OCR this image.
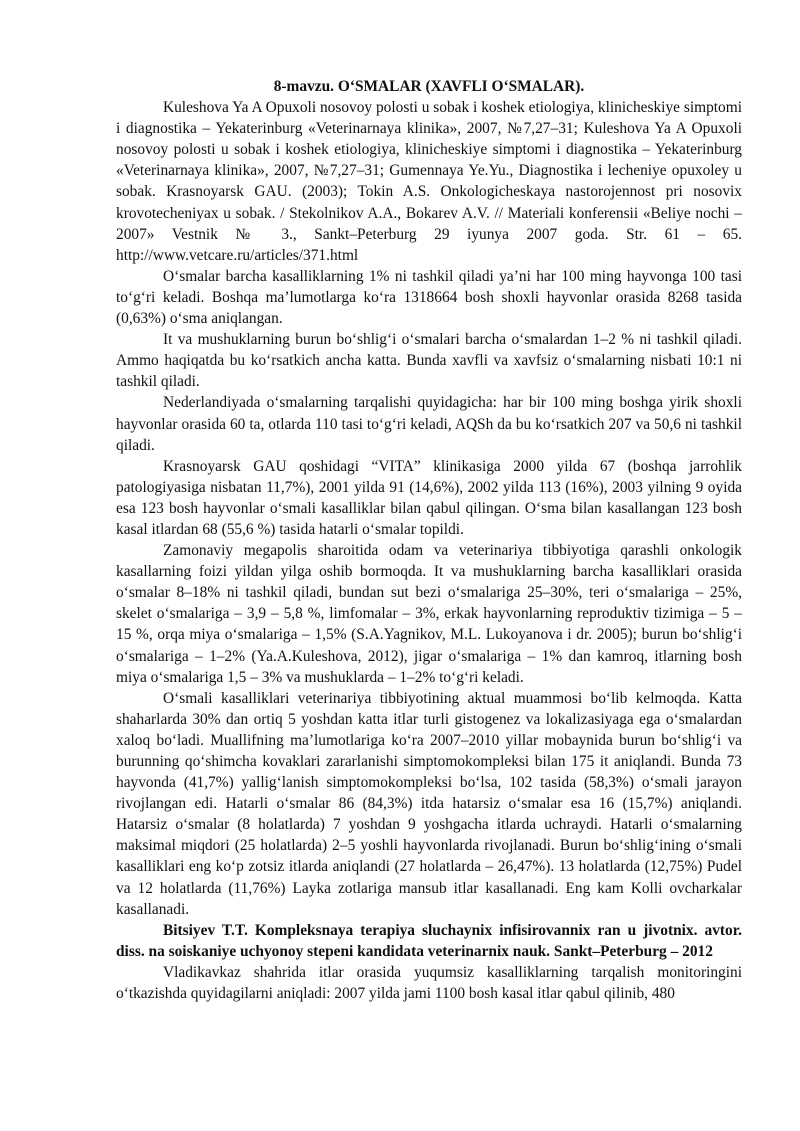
8-mavzu. O‘SMALAR (XAVFLI O‘SMALAR).

Kuleshova Ya A Opuxoli nosovoy polosti u sobak i koshek etiologiya, klinicheskiye simptomi i diagnostika – Yekaterinburg «Veterinarnaya klinika», 2007, №7,27–31; Kuleshova Ya A Opuxoli nosovoy polosti u sobak i koshek etiologiya, klinicheskiye simptomi i diagnostika – Yekaterinburg «Veterinarnaya klinika», 2007, №7,27–31; Gumennaya Ye.Yu., Diagnostika i lecheniye opuxoley u sobak. Krasnoyarsk GAU. (2003); Tokin A.S. Onkologicheskaya nastorojennost pri nosovix krovotecheniyax u sobak. / Stekolnikov A.A., Bokarev A.V. // Materiali konferensii «Beliye nochi – 2007» Vestnik № 3., Sankt–Peterburg 29 iyunya 2007 goda. Str. 61 – 65. http://www.vetcare.ru/articles/371.html

O‘smalar barcha kasalliklarning 1% ni tashkil qiladi ya’ni har 100 ming hayvonga 100 tasi to‘g‘ri keladi. Boshqa ma’lumotlarga ko‘ra 1318664 bosh shoxli hayvonlar orasida 8268 tasida (0,63%) o‘sma aniqlangan.

It va mushuklarning burun bo‘shlig‘i o‘smalari barcha o‘smalardan 1–2 % ni tashkil qiladi. Ammo haqiqatda bu ko‘rsatkich ancha katta. Bunda xavfli va xavfsiz o‘smalarning nisbati 10:1 ni tashkil qiladi.

Nederlandiyada o‘smalarning tarqalishi quyidagicha: har bir 100 ming boshga yirik shoxli hayvonlar orasida 60 ta, otlarda 110 tasi to‘g‘ri keladi, AQSh da bu ko‘rsatkich 207 va 50,6 ni tashkil qiladi.

Krasnoyarsk GAU qoshidagi “VITA” klinikasiga 2000 yilda 67 (boshqa jarrohlik patologiyasiga nisbatan 11,7%), 2001 yilda 91 (14,6%), 2002 yilda 113 (16%), 2003 yilning 9 oyida esa 123 bosh hayvonlar o‘smali kasalliklar bilan qabul qilingan. O‘sma bilan kasallangan 123 bosh kasal itlardan 68 (55,6 %) tasida hatarli o‘smalar topildi.

Zamonaviy megapolis sharoitida odam va veterinariya tibbiyotiga qarashli onkologik kasallarning foizi yildan yilga oshib bormoqda. It va mushuklarning barcha kasalliklari orasida o‘smalar 8–18% ni tashkil qiladi, bundan sut bezi o‘smalariga 25–30%, teri o‘smalariga – 25%, skelet o‘smalariga – 3,9 – 5,8 %, limfomalar – 3%, erkak hayvonlarning reproduktiv tizimiga – 5 – 15 %, orqa miya o‘smalariga – 1,5% (S.A.Yagnikov, M.L. Lukoyanova i dr. 2005); burun bo‘shlig‘i o‘smalariga – 1–2% (Ya.A.Kuleshova, 2012), jigar o‘smalariga – 1% dan kamroq, itlarning bosh miya o‘smalariga 1,5 – 3% va mushuklarda – 1–2% to‘g‘ri keladi.

O‘smali kasalliklari veterinariya tibbiyotining aktual muammosi bo‘lib kelmoqda. Katta shaharlarda 30% dan ortiq 5 yoshdan katta itlar turli gistogenez va lokalizasiyaga ega o‘smalardan xaloq bo‘ladi. Muallifning ma’lumotlariga ko‘ra 2007–2010 yillar mobaynida burun bo‘shlig‘i va burunning qo‘shimcha kovaklari zararlanishi simptomokompleksi bilan 175 it aniqlandi. Bunda 73 hayvonda (41,7%) yallig‘lanish simptomokompleksi bo‘lsa, 102 tasida (58,3%) o‘smali jarayon rivojlangan edi. Hatarli o‘smalar 86 (84,3%) itda hatarsiz o‘smalar esa 16 (15,7%) aniqlandi. Hatarsiz o‘smalar (8 holatlarda) 7 yoshdan 9 yoshgacha itlarda uchraydi. Hatarli o‘smalarning maksimal miqdori (25 holatlarda) 2–5 yoshli hayvonlarda rivojlanadi. Burun bo‘shlig‘ining o‘smali kasalliklari eng ko‘p zotsiz itlarda aniqlandi (27 holatlarda – 26,47%). 13 holatlarda (12,75%) Pudel va 12 holatlarda (11,76%) Layka zotlariga mansub itlar kasallanadi. Eng kam Kolli ovcharkalar kasallanadi.

Bitsiyev T.T. Kompleksnaya terapiya sluchaynix infisirovannix ran u jivotnix. avtor. diss. na soiskaniye uchyonoy stepeni kandidata veterinarnix nauk. Sankt–Peterburg – 2012

Vladikavkaz shahrida itlar orasida yuqumsiz kasalliklarning tarqalish monitoringini o‘tkazishda quyidagilarni aniqladi: 2007 yilda jami 1100 bosh kasal itlar qabul qilinib, 480
